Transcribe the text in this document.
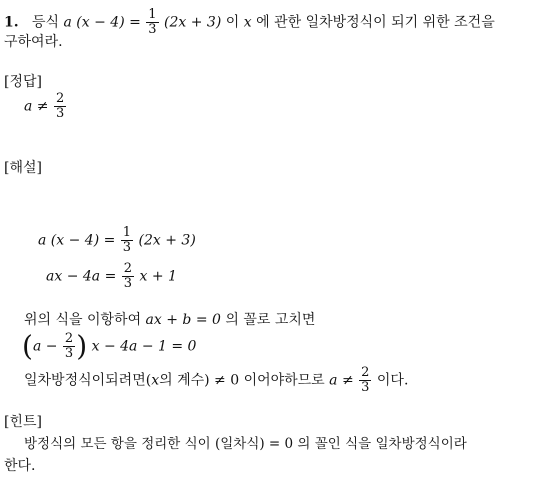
1. 등식 a $(x - 4) = \frac{1}{3} (2x + 3)$ 이 x 에 관한 일차방정식이 되기 위한 조건을
구하여라.
[정답]
$a \ne \frac{2}{3}$
[해설]
a $(x - 4) = \frac{1}{3} (2x + 3)$
ax − $4a = \frac{2}{3}$ x + 1
위의 식을 이항하여 ax + b = 0 의 꼴로 고치면
($a - \frac{2}{3}$ ) x − 4a − 1 = 0
일차방정식이되려면(x의 계수) ≠ 0 이어야하므로 $a \ne \frac{2}{3}$ 이다.
[힌트]
방정식의 모든 항을 정리한 식이 (일차식) = 0 의 꼴인 식을 일차방정식이라
한다.
